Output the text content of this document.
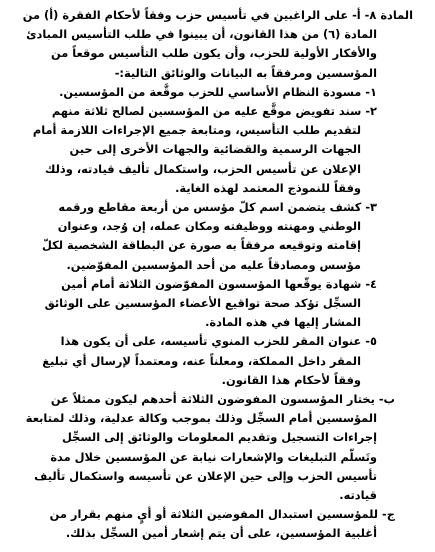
المادة ٨- أ- على الراغبين في تأسيس حزب وفقاً لأحكام الفقرة (أ) من
المادة (٦) من هذا القانون، أن يبينوا في طلب التأسيس المبادئ
والأفكار الأولية للحزب، وأن يكون طلب التأسيس موقعاً من
المؤسسين ومرفقاً به البيانات والوثائق التالية:-
١- مسودة النظام الأساسي للحزب موقَّعة من المؤسسين.
٢- سند تفويض موقَّع عليه من المؤسسين لصالح ثلاثة منهم
لتقديم طلب التأسيس، ومتابعة جميع الإجراءات اللازمة أمام
الجهات الرسمية والقضائية والجهات الأخرى إلى حين
الإعلان عن تأسيس الحزب، واستكمال تأليف قيادته، وذلك
وفقاً للنموذج المعتمد لهذه الغاية.
٣- كشف يتضمن اسم كلّ مؤسس من أربعة مقاطع ورقمه
الوطني ومهنته ووظيفته ومكان عمله، إن وُجد، وعنوان
إقامته وتوقيعه مرفقاً به صورة عن البطاقة الشخصية لكلّ
مؤسس ومصادقاً عليه من أحد المؤسسين المفوّضين.
٤- شهادة يوقّعها المؤسسون المفوّضون الثلاثة أمام أمين
السجِّل تؤكد صحة تواقيع الأعضاء المؤسسين على الوثائق
المشار إليها في هذه المادة.
٥- عنوان المقر للحزب المنوي تأسيسه، على أن يكون هذا
المقر داخل المملكة، ومعلناً عنه، ومعتمداً لإرسال أي تبليغ
وفقاً لأحكام هذا القانون.
ب- يختار المؤسسون المفوضون الثلاثة أحدهم ليكون ممثلاً عن
المؤسسين أمام السجِّل وذلك بموجب وكالة عدلية، وذلك لمتابعة
إجراءات التسجيل وتقديم المعلومات والوثائق إلى السجِّل
وتَسلُّم التبليغات والإشعارات نيابة عن المؤسسين خلال مدة
تأسيس الحزب وإلى حين الإعلان عن تأسيسه واستكمال تأليف
قيادته.
ج- للمؤسسين استبدال المفوضين الثلاثة أو أيٍ منهم بقرار من
أغلبية المؤسسين، على أن يتم إشعار أمين السجِّل بذلك.
